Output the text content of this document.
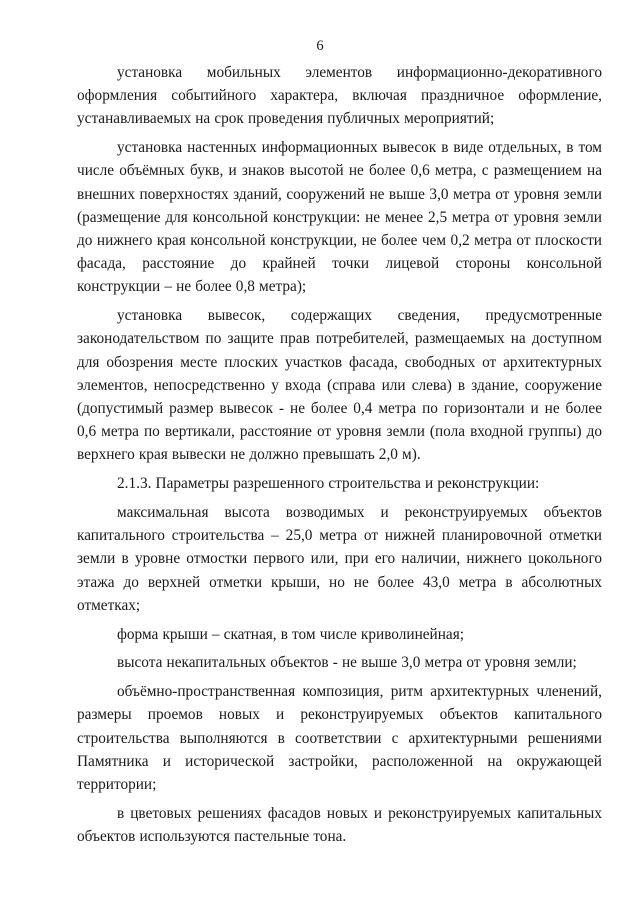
6

установка мобильных элементов информационно-декоративного оформления событийного характера, включая праздничное оформление, устанавливаемых на срок проведения публичных мероприятий;

установка настенных информационных вывесок в виде отдельных, в том числе объёмных букв, и знаков высотой не более 0,6 метра, с размещением на внешних поверхностях зданий, сооружений не выше 3,0 метра от уровня земли (размещение для консольной конструкции: не менее 2,5 метра от уровня земли до нижнего края консольной конструкции, не более чем 0,2 метра от плоскости фасада, расстояние до крайней точки лицевой стороны консольной конструкции – не более 0,8 метра);

установка вывесок, содержащих сведения, предусмотренные законодательством по защите прав потребителей, размещаемых на доступном для обозрения месте плоских участков фасада, свободных от архитектурных элементов, непосредственно у входа (справа или слева) в здание, сооружение (допустимый размер вывесок - не более 0,4 метра по горизонтали и не более 0,6 метра по вертикали, расстояние от уровня земли (пола входной группы) до верхнего края вывески не должно превышать 2,0 м).

2.1.3. Параметры разрешенного строительства и реконструкции:

максимальная высота возводимых и реконструируемых объектов капитального строительства – 25,0 метра от нижней планировочной отметки земли в уровне отмостки первого или, при его наличии, нижнего цокольного этажа до верхней отметки крыши, но не более 43,0 метра в абсолютных отметках;

форма крыши – скатная, в том числе криволинейная;

высота некапитальных объектов - не выше 3,0 метра от уровня земли;

объёмно-пространственная композиция, ритм архитектурных членений, размеры проемов новых и реконструируемых объектов капитального строительства выполняются в соответствии с архитектурными решениями Памятника и исторической застройки, расположенной на окружающей территории;

в цветовых решениях фасадов новых и реконструируемых капитальных объектов используются пастельные тона.
